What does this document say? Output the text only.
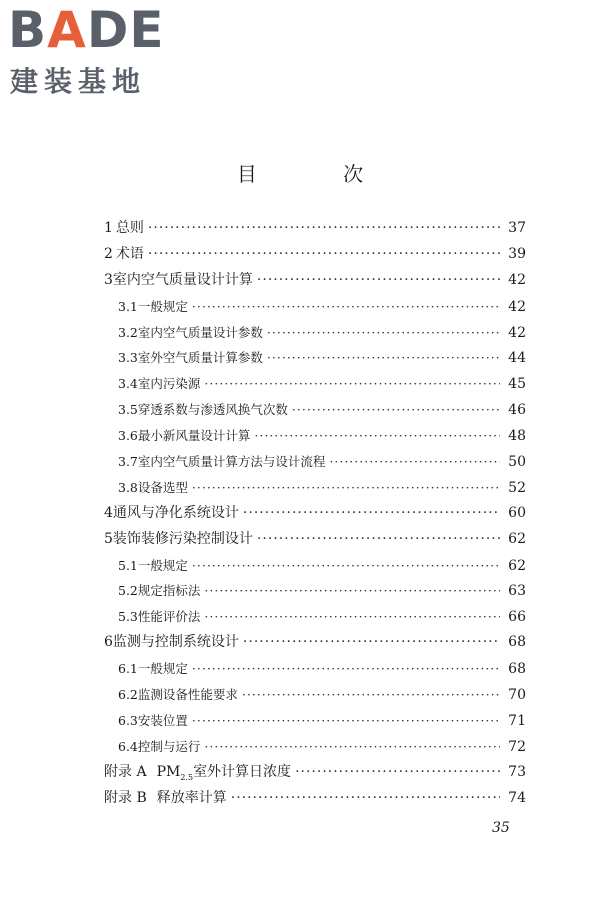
BADE
建装基地
目 次
1 总则 ·····	37
2 术语 ·····	39
3 室内空气质量设计计算 ·····	42
3.1 一般规定 ·····	42
3.2 室内空气质量设计参数 ·····	42
3.3 室外空气质量计算参数 ·····	44
3.4 室内污染源 ·····	45
3.5 穿透系数与渗透风换气次数 ·····	46
3.6 最小新风量设计计算 ·····	48
3.7 室内空气质量计算方法与设计流程 ·····	50
3.8 设备选型 ·····	52
4 通风与净化系统设计 ·····	60
5 装饰装修污染控制设计 ·····	62
5.1 一般规定 ·····	62
5.2 规定指标法 ·····	63
5.3 性能评价法 ·····	66
6 监测与控制系统设计 ·····	68
6.1 一般规定 ·····	68
6.2 监测设备性能要求 ·····	70
6.3 安装位置 ·····	71
6.4 控制与运行 ·····	72
附录 A $PM_{2.5}$室外计算日浓度 ·····	73
附录 B 释放率计算 ·····	74
35
